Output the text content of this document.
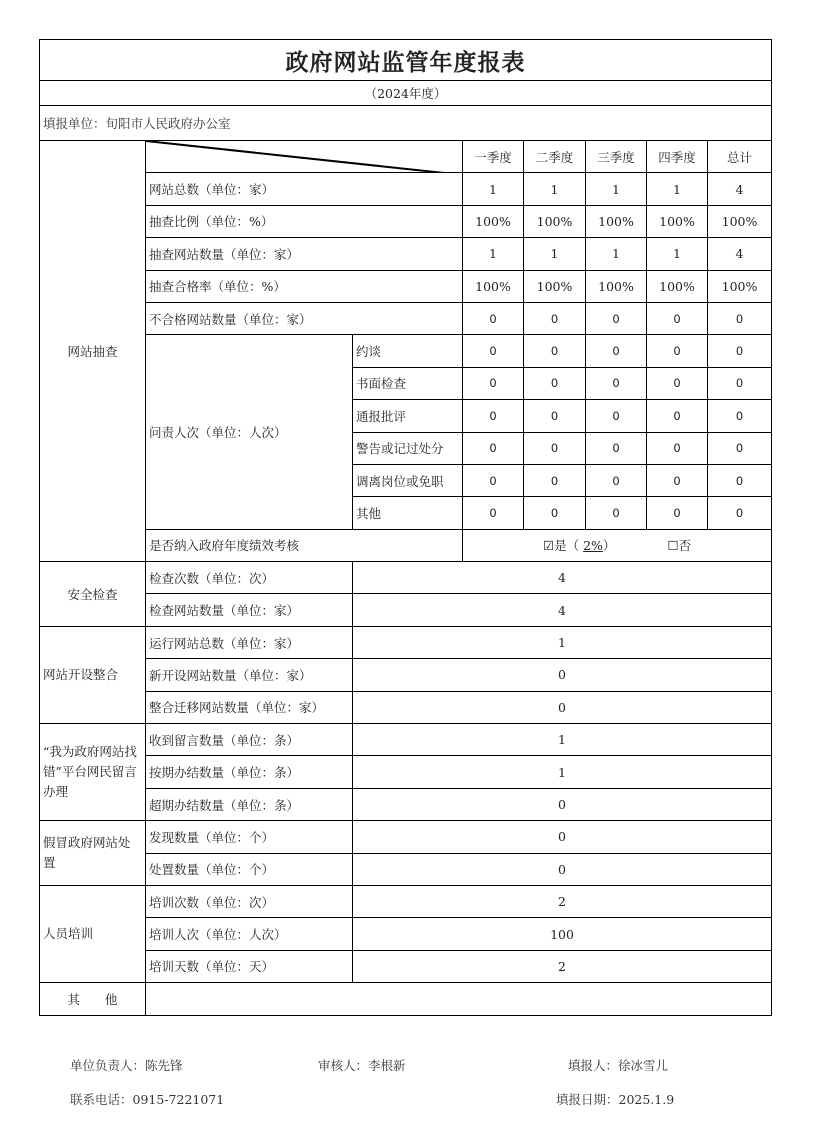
政府网站监管年度报表							
（2024年度）							
填报单位：旬阳市人民政府办公室							
网站抽查			一季度	二季度	三季度	四季度	总计
	网站总数（单位：家）		1	1	1	1	4
	抽查比例（单位：%）		100%	100%	100%	100%	100%
	抽查网站数量（单位：家）		1	1	1	1	4
	抽查合格率（单位：%）		100%	100%	100%	100%	100%
	不合格网站数量（单位：家）		0	0	0	0	0
	问责人次（单位：人次）	约谈	0	0	0	0	0
		书面检查	0	0	0	0	0
		通报批评	0	0	0	0	0
		警告或记过处分	0	0	0	0	0
		调离岗位或免职	0	0	0	0	0
		其他	0	0	0	0	0
	是否纳入政府年度绩效考核		☑是（ 2%） ☐否				
安全检查	检查次数（单位：次）	4					
	检查网站数量（单位：家）	4					
网站开设整合	运行网站总数（单位：家）	1					
	新开设网站数量（单位：家）	0					
	整合迁移网站数量（单位：家）	0					
“我为政府网站找错”平台网民留言办理	收到留言数量（单位：条）	1					
	按期办结数量（单位：条）	1					
	超期办结数量（单位：条）	0					
假冒政府网站处置	发现数量（单位：个）	0					
	处置数量（单位：个）	0					
人员培训	培训次数（单位：次）	2					
	培训人次（单位：人次）	100					
	培训天数（单位：天）	2					
其　　他							
单位负责人：陈先锋	审核人：李根新	填报人：徐冰雪儿
联系电话：0915-7221071	填报日期：2025.1.9
